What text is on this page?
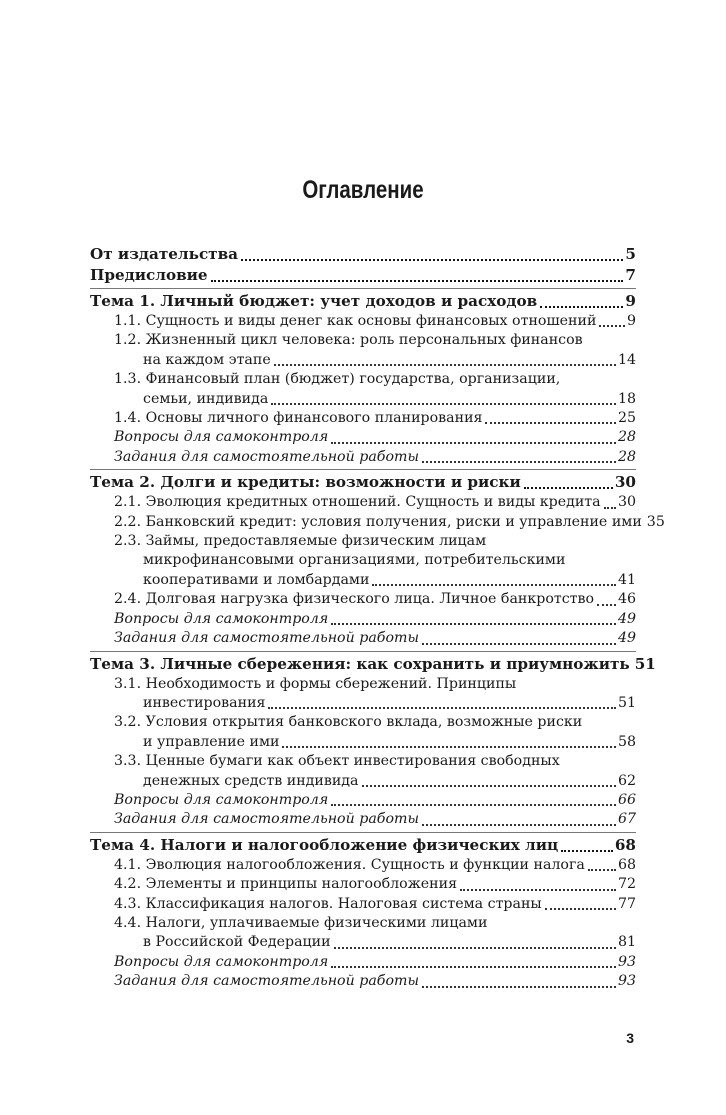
Оглавление
От издательства	5
Предисловие	7
Тема 1. Личный бюджет: учет доходов и расходов	9
1.1. Сущность и виды денег как основы финансовых отношений 9
1.2. Жизненный цикл человека: роль персональных финансов
на каждом этапе	14
1.3. Финансовый план (бюджет) государства, организации,
семьи, индивида	18
1.4. Основы личного финансового планирования	25
Вопросы для самоконтроля	28
Задания для самостоятельной работы	28
Тема 2. Долги и кредиты: возможности и риски	30
2.1. Эволюция кредитных отношений. Сущность и виды кредита 30
2.2. Банковский кредит: условия получения, риски и управление ими 35
2.3. Займы, предоставляемые физическим лицам
микрофинансовыми организациями, потребительскими
кооперативами и ломбардами	41
2.4. Долговая нагрузка физического лица. Личное банкротство 46
Вопросы для самоконтроля	49
Задания для самостоятельной работы	49
Тема 3. Личные сбережения: как сохранить и приумножить 51
3.1. Необходимость и формы сбережений. Принципы
инвестирования	51
3.2. Условия открытия банковского вклада, возможные риски
и управление ими	58
3.3. Ценные бумаги как объект инвестирования свободных
денежных средств индивида	62
Вопросы для самоконтроля	66
Задания для самостоятельной работы	67
Тема 4. Налоги и налогообложение физических лиц	68
4.1. Эволюция налогообложения. Сущность и функции налога 68
4.2. Элементы и принципы налогообложения	72
4.3. Классификация налогов. Налоговая система страны	77
4.4. Налоги, уплачиваемые физическими лицами
в Российской Федерации	81
Вопросы для самоконтроля	93
Задания для самостоятельной работы	93
3
